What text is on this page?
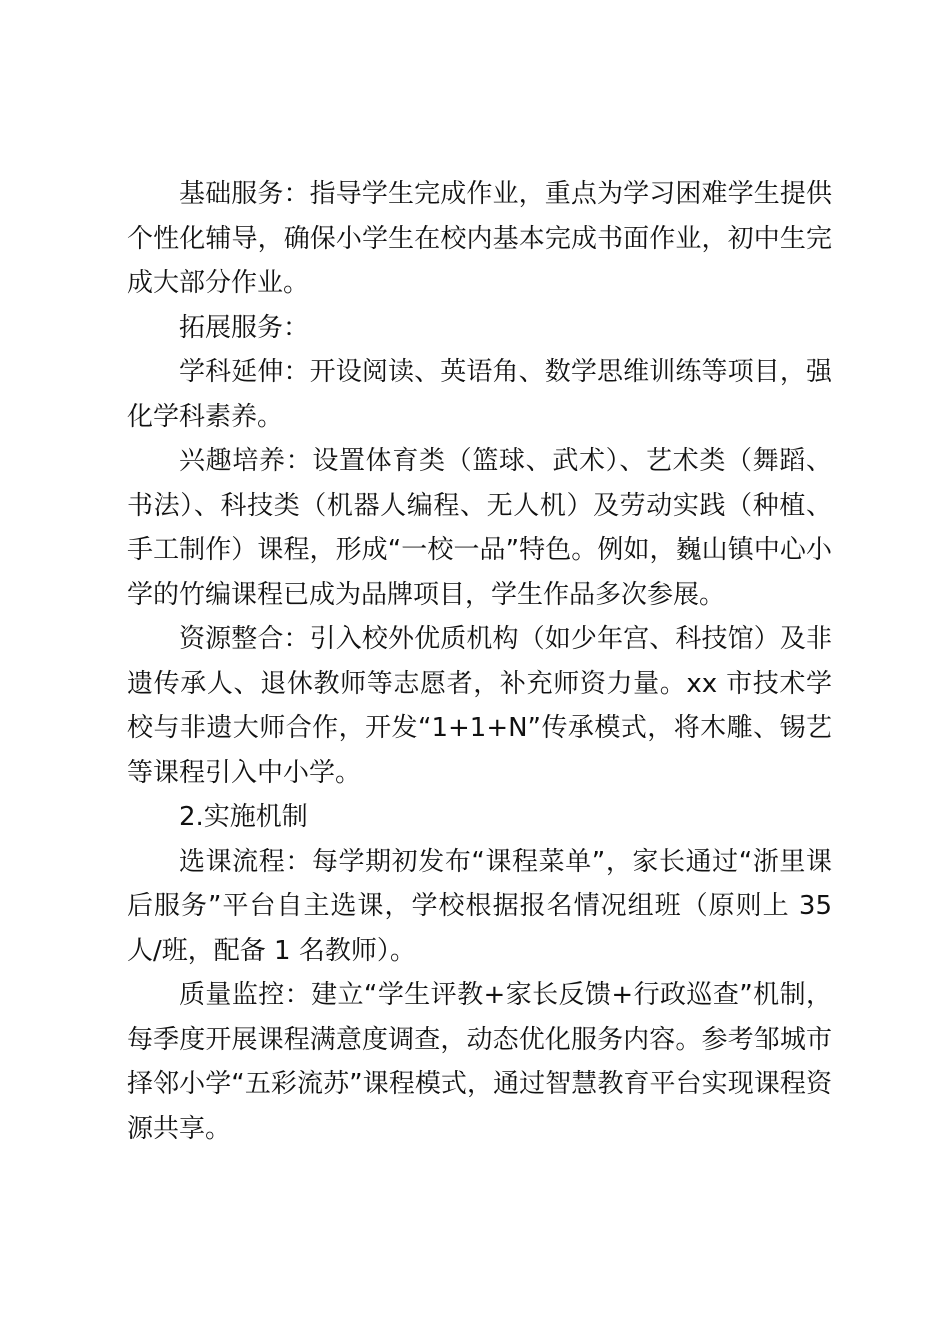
基础服务：指导学生完成作业，重点为学习困难学生提供个性化辅导，确保小学生在校内基本完成书面作业，初中生完成大部分作业。

拓展服务：

学科延伸：开设阅读、英语角、数学思维训练等项目，强化学科素养。

兴趣培养：设置体育类（篮球、武术）、艺术类（舞蹈、书法）、科技类（机器人编程、无人机）及劳动实践（种植、手工制作）课程，形成“一校一品”特色。例如，巍山镇中心小学的竹编课程已成为品牌项目，学生作品多次参展。

资源整合：引入校外优质机构（如少年宫、科技馆）及非遗传承人、退休教师等志愿者，补充师资力量。xx 市技术学校与非遗大师合作，开发“1+1+N”传承模式，将木雕、锡艺等课程引入中小学。

2.实施机制

选课流程：每学期初发布“课程菜单”，家长通过“浙里课后服务”平台自主选课，学校根据报名情况组班（原则上 35 人/班，配备 1 名教师）。

质量监控：建立“学生评教+家长反馈+行政巡查”机制，每季度开展课程满意度调查，动态优化服务内容。参考邹城市择邻小学“五彩流苏”课程模式，通过智慧教育平台实现课程资源共享。
